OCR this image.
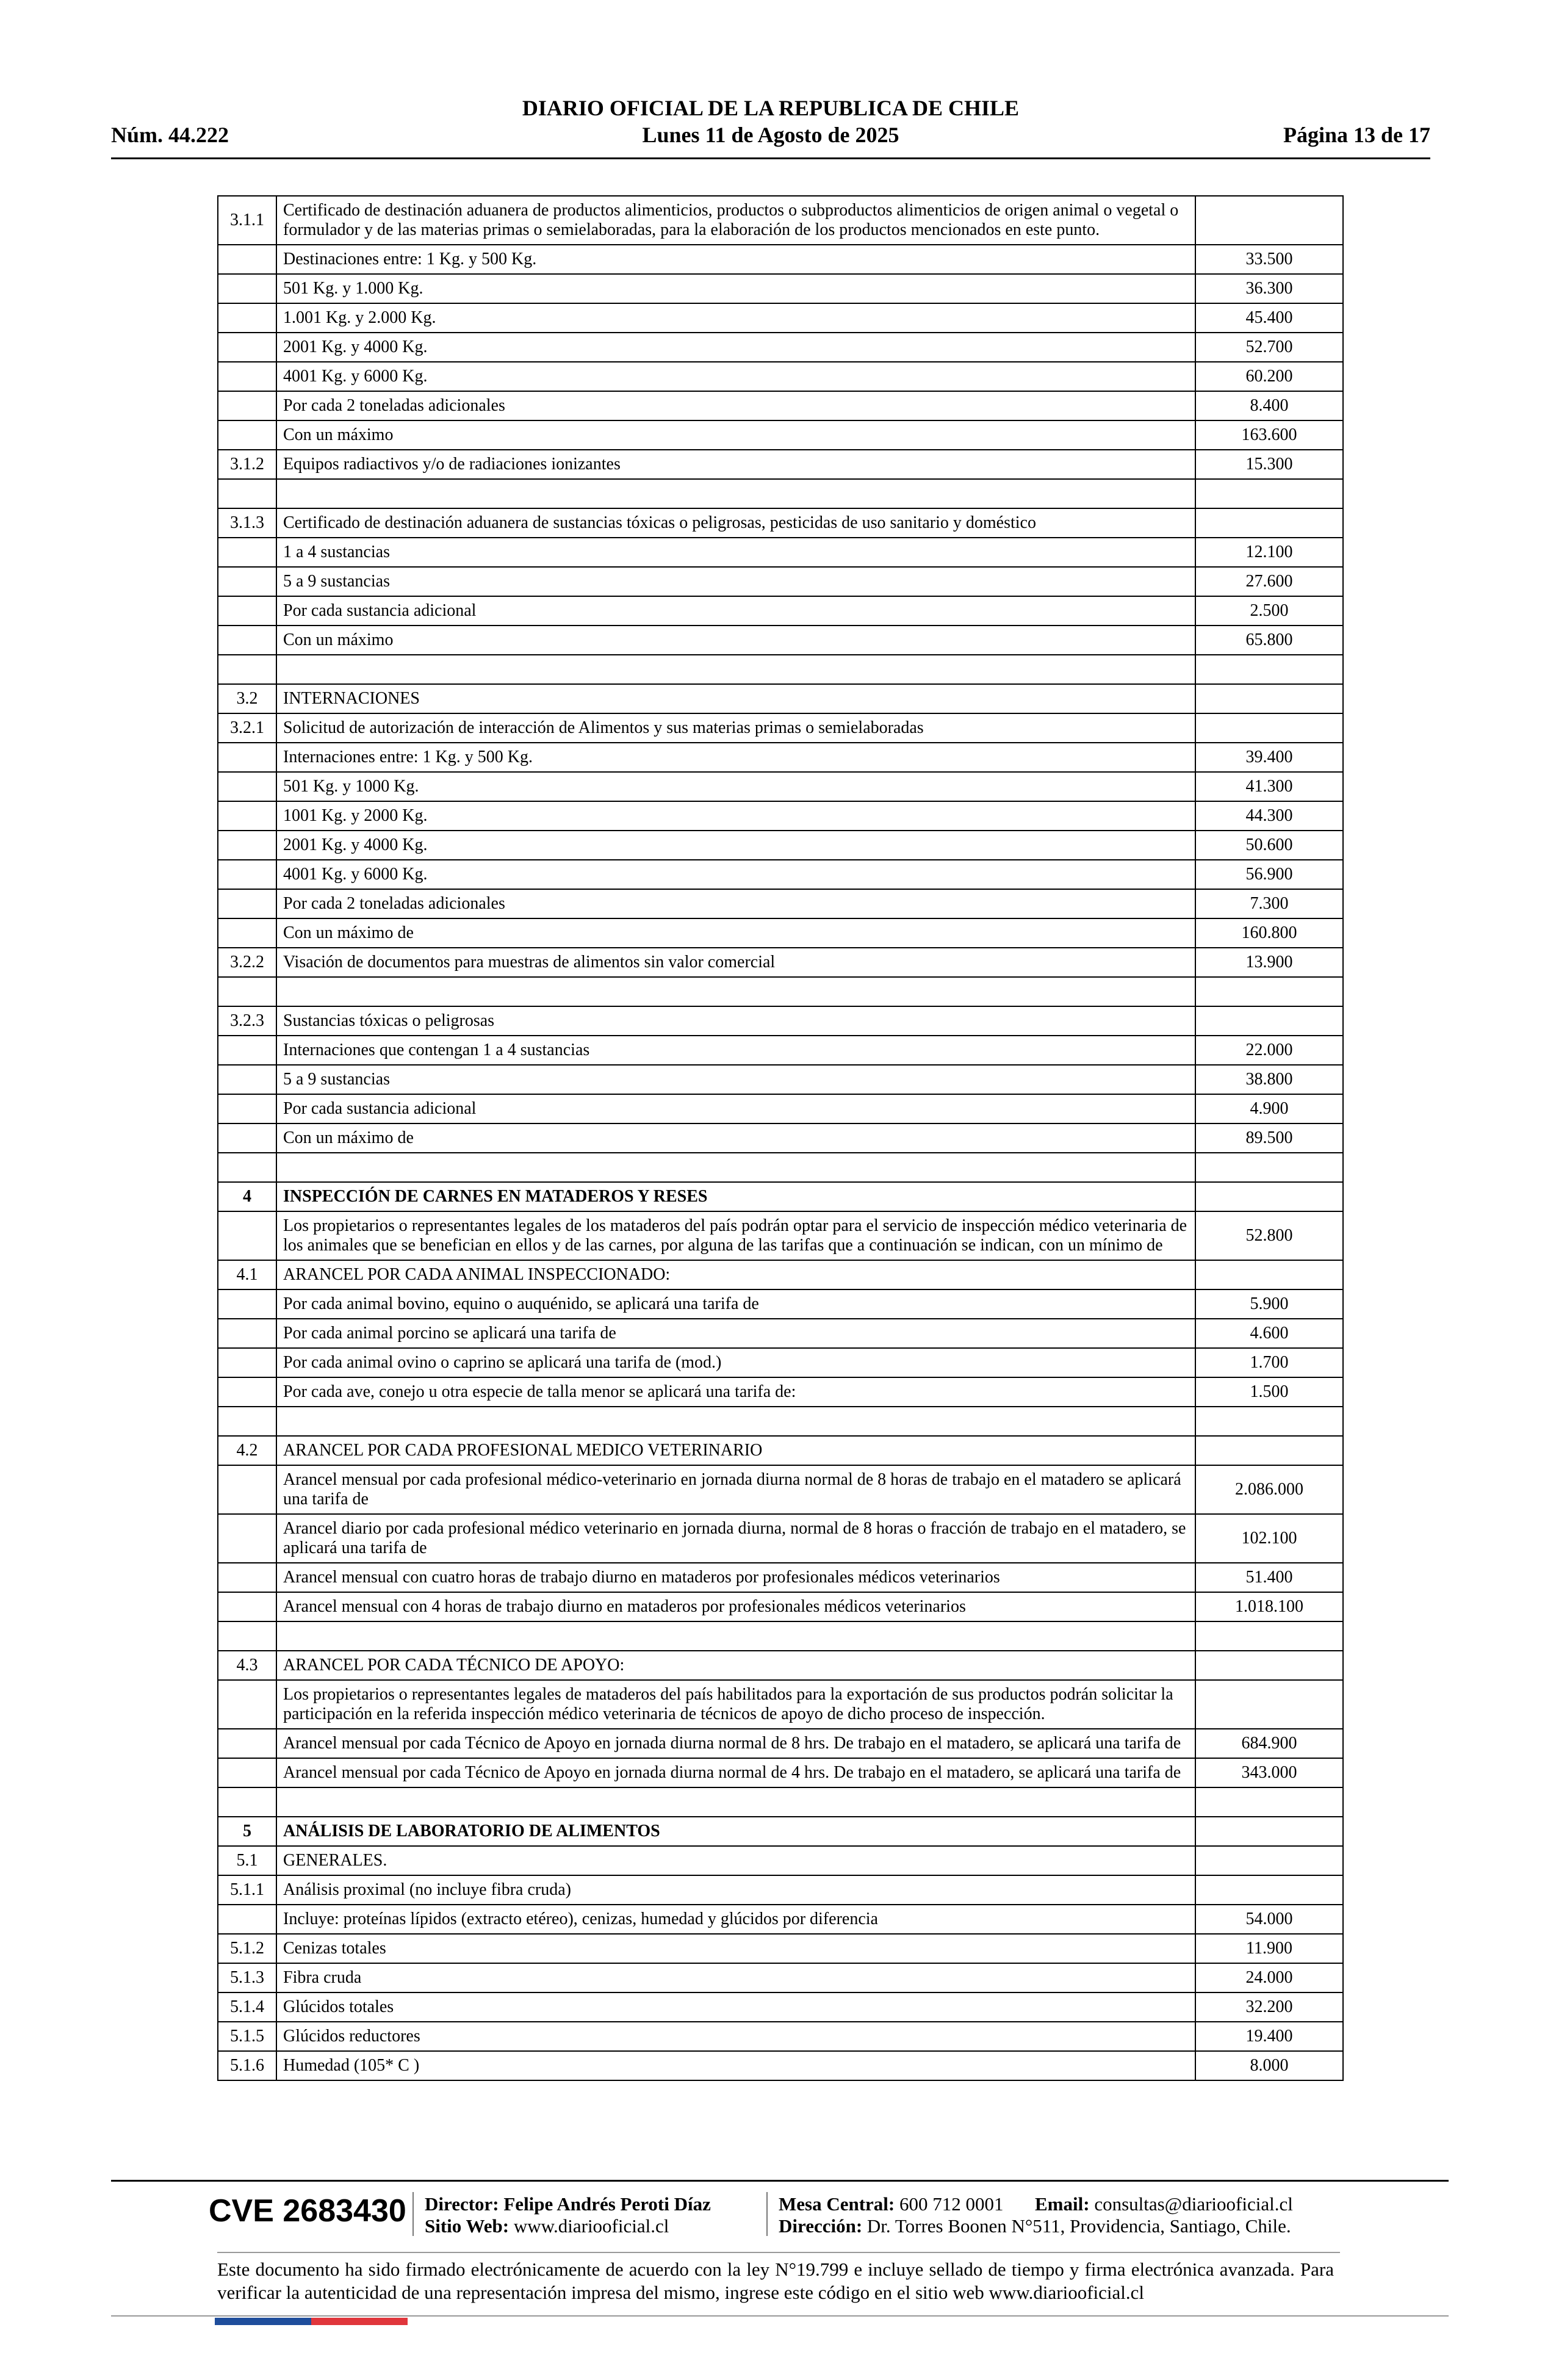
DIARIO OFICIAL DE LA REPUBLICA DE CHILE
Núm. 44.222	Lunes 11 de Agosto de 2025	Página 13 de 17
3.1.1	Certificado de destinación aduanera de productos alimenticios, productos o subproductos alimenticios de origen animal o vegetal o formulador y de las materias primas o semielaboradas, para la elaboración de los productos mencionados en este punto.	
	Destinaciones entre: 1 Kg. y 500 Kg.	33.500
	501 Kg. y 1.000 Kg.	36.300
	1.001 Kg. y 2.000 Kg.	45.400
	2001 Kg. y 4000 Kg.	52.700
	4001 Kg. y 6000 Kg.	60.200
	Por cada 2 toneladas adicionales	8.400
	Con un máximo	163.600
3.1.2	Equipos radiactivos y/o de radiaciones ionizantes	15.300

3.1.3	Certificado de destinación aduanera de sustancias tóxicas o peligrosas, pesticidas de uso sanitario y doméstico	
	1 a 4 sustancias	12.100
	5 a 9 sustancias	27.600
	Por cada sustancia adicional	2.500
	Con un máximo	65.800

3.2	INTERNACIONES	
3.2.1	Solicitud de autorización de interacción de Alimentos y sus materias primas o semielaboradas	
	Internaciones entre: 1 Kg. y 500 Kg.	39.400
	501 Kg. y 1000 Kg.	41.300
	1001 Kg. y 2000 Kg.	44.300
	2001 Kg. y 4000 Kg.	50.600
	4001 Kg. y 6000 Kg.	56.900
	Por cada 2 toneladas adicionales	7.300
	Con un máximo de	160.800
3.2.2	Visación de documentos para muestras de alimentos sin valor comercial	13.900

3.2.3	Sustancias tóxicas o peligrosas	
	Internaciones que contengan 1 a 4 sustancias	22.000
	5 a 9 sustancias	38.800
	Por cada sustancia adicional	4.900
	Con un máximo de	89.500

4	INSPECCIÓN DE CARNES EN MATADEROS Y RESES	
	Los propietarios o representantes legales de los mataderos del país podrán optar para el servicio de inspección médico veterinaria de los animales que se benefician en ellos y de las carnes, por alguna de las tarifas que a continuación se indican, con un mínimo de	52.800
4.1	ARANCEL POR CADA ANIMAL INSPECCIONADO:	
	Por cada animal bovino, equino o auquénido, se aplicará una tarifa de	5.900
	Por cada animal porcino se aplicará una tarifa de	4.600
	Por cada animal ovino o caprino se aplicará una tarifa de (mod.)	1.700
	Por cada ave, conejo u otra especie de talla menor se aplicará una tarifa de:	1.500

4.2	ARANCEL POR CADA PROFESIONAL MEDICO VETERINARIO	
	Arancel mensual por cada profesional médico-veterinario en jornada diurna normal de 8 horas de trabajo en el matadero se aplicará una tarifa de	2.086.000
	Arancel diario por cada profesional médico veterinario en jornada diurna, normal de 8 horas o fracción de trabajo en el matadero, se aplicará una tarifa de	102.100
	Arancel mensual con cuatro horas de trabajo diurno en mataderos por profesionales médicos veterinarios	51.400
	Arancel mensual con 4 horas de trabajo diurno en mataderos por profesionales médicos veterinarios	1.018.100

4.3	ARANCEL POR CADA TÉCNICO DE APOYO:	
	Los propietarios o representantes legales de mataderos del país habilitados para la exportación de sus productos podrán solicitar la participación en la referida inspección médico veterinaria de técnicos de apoyo de dicho proceso de inspección.	
	Arancel mensual por cada Técnico de Apoyo en jornada diurna normal de 8 hrs. De trabajo en el matadero, se aplicará una tarifa de	684.900
	Arancel mensual por cada Técnico de Apoyo en jornada diurna normal de 4 hrs. De trabajo en el matadero, se aplicará una tarifa de	343.000

5	ANÁLISIS DE LABORATORIO DE ALIMENTOS	
5.1	GENERALES.	
5.1.1	Análisis proximal (no incluye fibra cruda)	
	Incluye: proteínas lípidos (extracto etéreo), cenizas, humedad y glúcidos por diferencia	54.000
5.1.2	Cenizas totales	11.900
5.1.3	Fibra cruda	24.000
5.1.4	Glúcidos totales	32.200
5.1.5	Glúcidos reductores	19.400
5.1.6	Humedad (105* C )	8.000
CVE 2683430 Director: Felipe Andrés Peroti Díaz
Sitio Web: www.diariooficial.cl
Mesa Central: 600 712 0001 Email: consultas@diariooficial.cl
Dirección: Dr. Torres Boonen N°511, Providencia, Santiago, Chile.
Este documento ha sido firmado electrónicamente de acuerdo con la ley N°19.799 e incluye sellado de tiempo y firma electrónica avanzada. Para verificar la autenticidad de una representación impresa del mismo, ingrese este código en el sitio web www.diariooficial.cl
